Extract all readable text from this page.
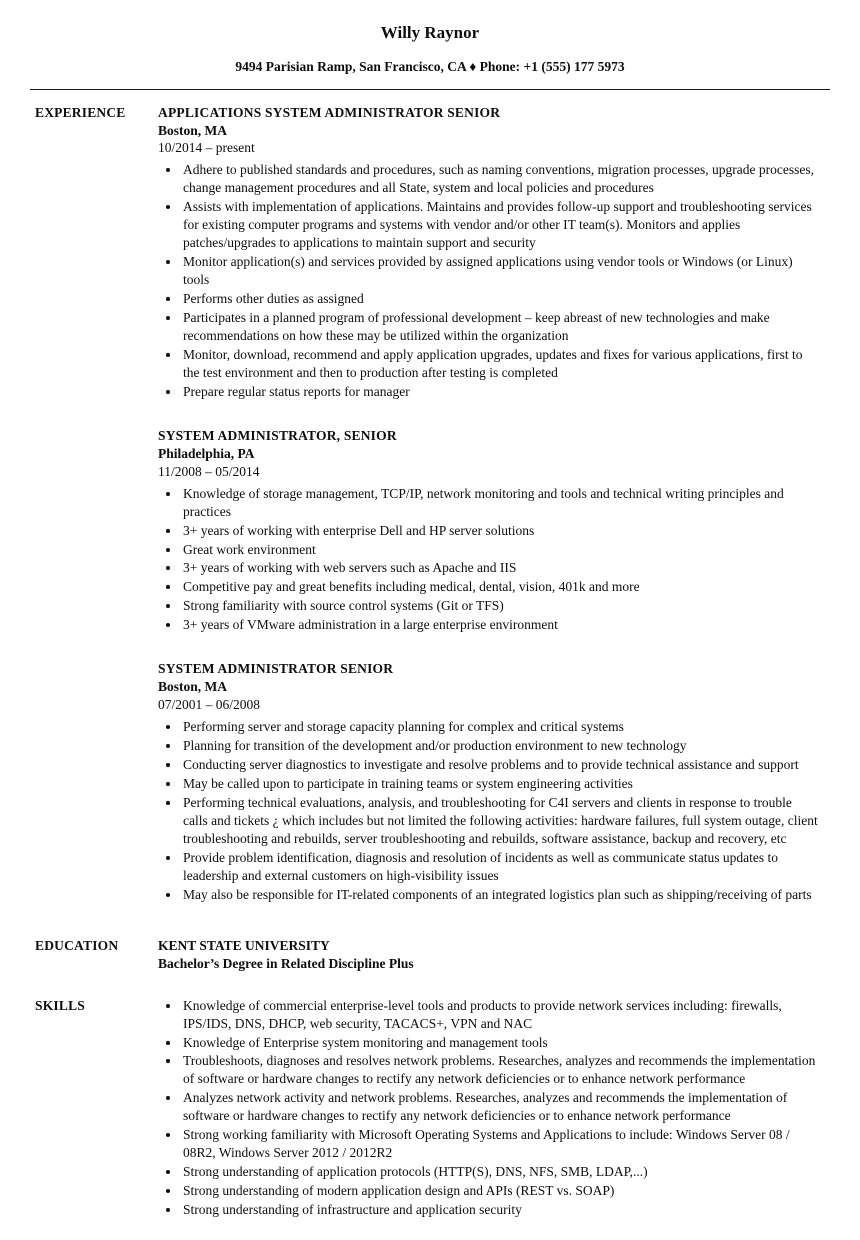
Willy Raynor
9494 Parisian Ramp, San Francisco, CA ♦ Phone: +1 (555) 177 5973
EXPERIENCE	APPLICATIONS SYSTEM ADMINISTRATOR SENIOR
Boston, MA
10/2014 – present
• Adhere to published standards and procedures, such as naming conventions, migration processes, upgrade processes, change management procedures and all State, system and local policies and procedures
• Assists with implementation of applications. Maintains and provides follow-up support and troubleshooting services for existing computer programs and systems with vendor and/or other IT team(s). Monitors and applies patches/upgrades to applications to maintain support and security
• Monitor application(s) and services provided by assigned applications using vendor tools or Windows (or Linux) tools
• Performs other duties as assigned
• Participates in a planned program of professional development – keep abreast of new technologies and make recommendations on how these may be utilized within the organization
• Monitor, download, recommend and apply application upgrades, updates and fixes for various applications, first to the test environment and then to production after testing is completed
• Prepare regular status reports for manager
SYSTEM ADMINISTRATOR, SENIOR
Philadelphia, PA
11/2008 – 05/2014
• Knowledge of storage management, TCP/IP, network monitoring and tools and technical writing principles and practices
• 3+ years of working with enterprise Dell and HP server solutions
• Great work environment
• 3+ years of working with web servers such as Apache and IIS
• Competitive pay and great benefits including medical, dental, vision, 401k and more
• Strong familiarity with source control systems (Git or TFS)
• 3+ years of VMware administration in a large enterprise environment
SYSTEM ADMINISTRATOR SENIOR
Boston, MA
07/2001 – 06/2008
• Performing server and storage capacity planning for complex and critical systems
• Planning for transition of the development and/or production environment to new technology
• Conducting server diagnostics to investigate and resolve problems and to provide technical assistance and support
• May be called upon to participate in training teams or system engineering activities
• Performing technical evaluations, analysis, and troubleshooting for C4I servers and clients in response to trouble calls and tickets ¿ which includes but not limited the following activities: hardware failures, full system outage, client troubleshooting and rebuilds, server troubleshooting and rebuilds, software assistance, backup and recovery, etc
• Provide problem identification, diagnosis and resolution of incidents as well as communicate status updates to leadership and external customers on high-visibility issues
• May also be responsible for IT-related components of an integrated logistics plan such as shipping/receiving of parts
EDUCATION	KENT STATE UNIVERSITY
Bachelor’s Degree in Related Discipline Plus
SKILLS	• Knowledge of commercial enterprise-level tools and products to provide network services including: firewalls, IPS/IDS, DNS, DHCP, web security, TACACS+, VPN and NAC
• Knowledge of Enterprise system monitoring and management tools
• Troubleshoots, diagnoses and resolves network problems. Researches, analyzes and recommends the implementation of software or hardware changes to rectify any network deficiencies or to enhance network performance
• Analyzes network activity and network problems. Researches, analyzes and recommends the implementation of software or hardware changes to rectify any network deficiencies or to enhance network performance
• Strong working familiarity with Microsoft Operating Systems and Applications to include: Windows Server 08 / 08R2, Windows Server 2012 / 2012R2
• Strong understanding of application protocols (HTTP(S), DNS, NFS, SMB, LDAP,...)
• Strong understanding of modern application design and APIs (REST vs. SOAP)
• Strong understanding of infrastructure and application security
